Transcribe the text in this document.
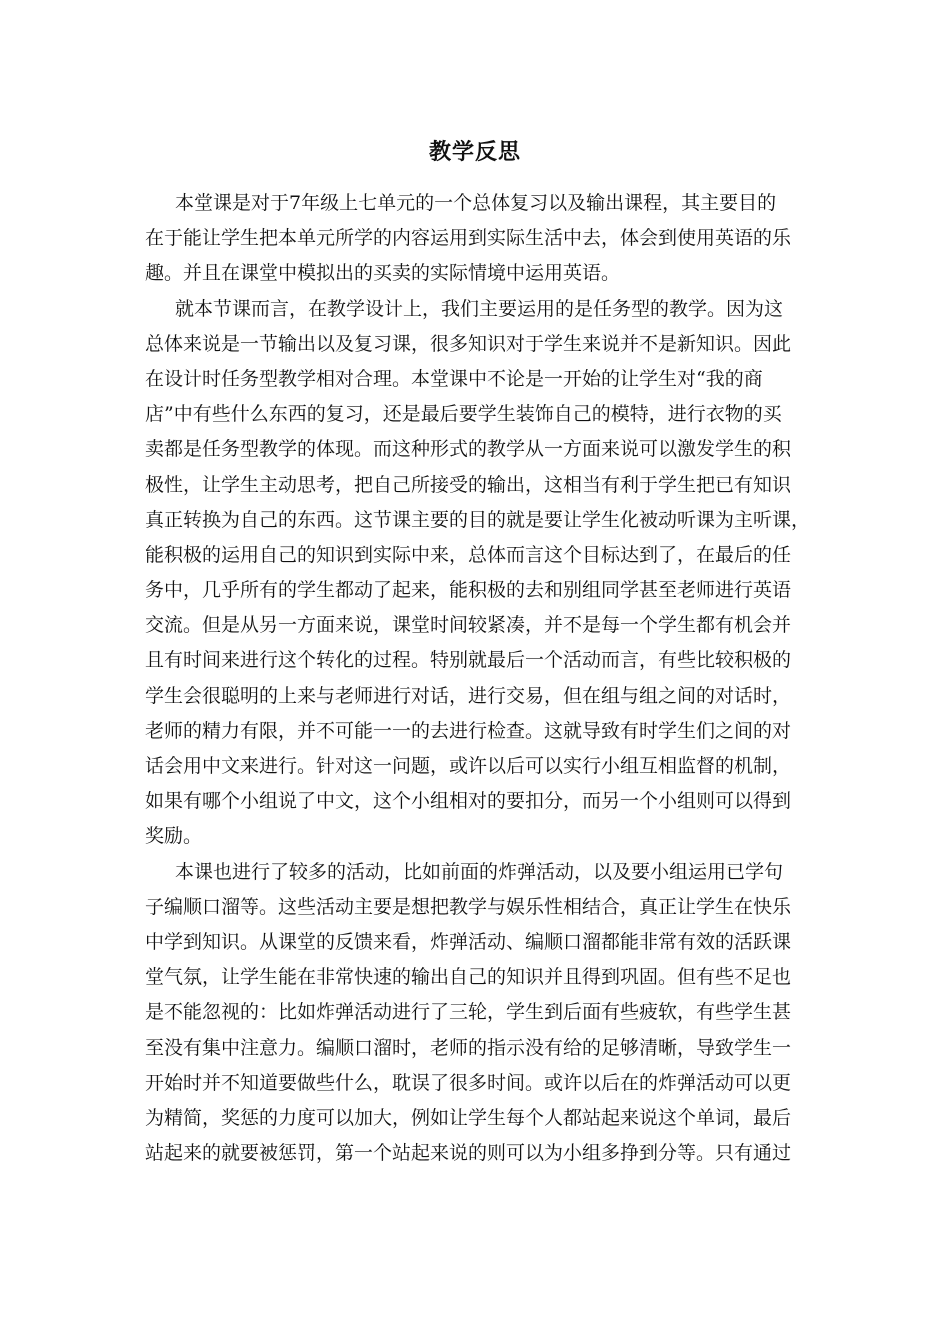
教学反思
本堂课是对于7年级上七单元的一个总体复习以及输出课程，其主要目的
在于能让学生把本单元所学的内容运用到实际生活中去，体会到使用英语的乐
趣。并且在课堂中模拟出的买卖的实际情境中运用英语。
就本节课而言，在教学设计上，我们主要运用的是任务型的教学。因为这
总体来说是一节输出以及复习课，很多知识对于学生来说并不是新知识。因此
在设计时任务型教学相对合理。本堂课中不论是一开始的让学生对“我的商
店”中有些什么东西的复习，还是最后要学生装饰自己的模特，进行衣物的买
卖都是任务型教学的体现。而这种形式的教学从一方面来说可以激发学生的积
极性，让学生主动思考，把自己所接受的输出，这相当有利于学生把已有知识
真正转换为自己的东西。这节课主要的目的就是要让学生化被动听课为主听课，
能积极的运用自己的知识到实际中来，总体而言这个目标达到了，在最后的任
务中，几乎所有的学生都动了起来，能积极的去和别组同学甚至老师进行英语
交流。但是从另一方面来说，课堂时间较紧凑，并不是每一个学生都有机会并
且有时间来进行这个转化的过程。特别就最后一个活动而言，有些比较积极的
学生会很聪明的上来与老师进行对话，进行交易，但在组与组之间的对话时，
老师的精力有限，并不可能一一的去进行检查。这就导致有时学生们之间的对
话会用中文来进行。针对这一问题，或许以后可以实行小组互相监督的机制，
如果有哪个小组说了中文，这个小组相对的要扣分，而另一个小组则可以得到
奖励。
本课也进行了较多的活动，比如前面的炸弹活动，以及要小组运用已学句
子编顺口溜等。这些活动主要是想把教学与娱乐性相结合，真正让学生在快乐
中学到知识。从课堂的反馈来看，炸弹活动、编顺口溜都能非常有效的活跃课
堂气氛，让学生能在非常快速的输出自己的知识并且得到巩固。但有些不足也
是不能忽视的：比如炸弹活动进行了三轮，学生到后面有些疲软，有些学生甚
至没有集中注意力。编顺口溜时，老师的指示没有给的足够清晰，导致学生一
开始时并不知道要做些什么，耽误了很多时间。或许以后在的炸弹活动可以更
为精简，奖惩的力度可以加大，例如让学生每个人都站起来说这个单词，最后
站起来的就要被惩罚，第一个站起来说的则可以为小组多挣到分等。只有通过
